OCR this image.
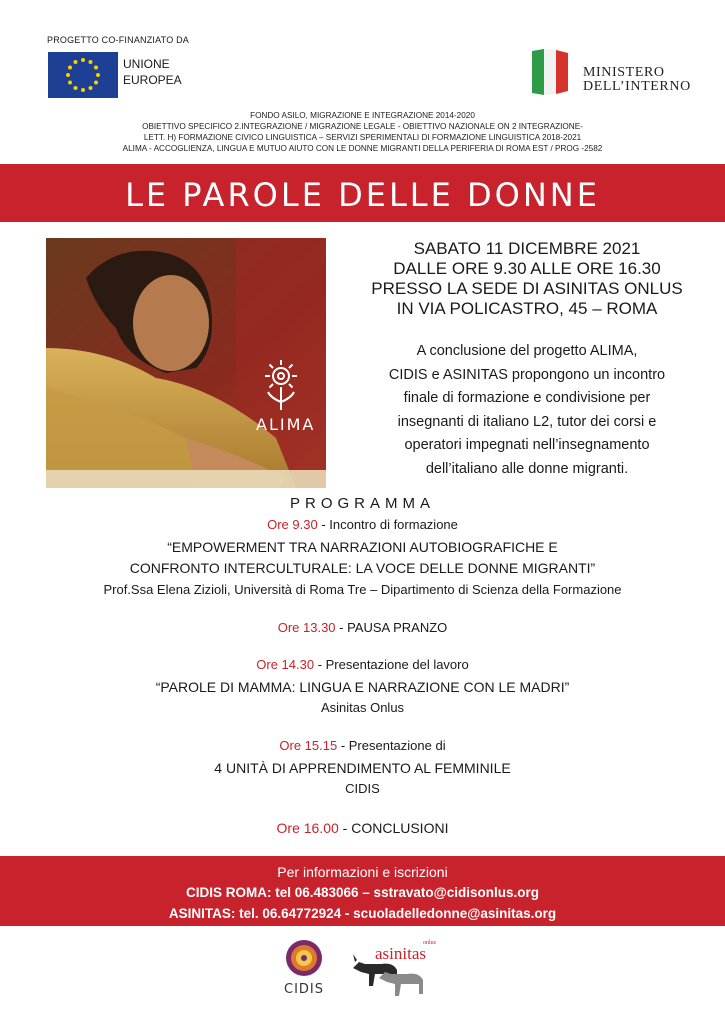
PROGETTO CO-FINANZIATO DA
UNIONE
EUROPEA	MINISTERO
DELL’INTERNO
FONDO ASILO, MIGRAZIONE E INTEGRAZIONE 2014-2020
OBIETTIVO SPECIFICO 2.INTEGRAZIONE / MIGRAZIONE LEGALE - OBIETTIVO NAZIONALE ON 2 INTEGRAZIONE-
LETT. H) FORMAZIONE CIVICO LINGUISTICA – SERVIZI SPERIMENTALI DI FORMAZIONE LINGUISTICA 2018-2021
ALIMA - ACCOGLIENZA, LINGUA E MUTUO AIUTO CON LE DONNE MIGRANTI DELLA PERIFERIA DI ROMA EST / PROG -2582
LE PAROLE DELLE DONNE
ALIMA
SABATO 11 DICEMBRE 2021
DALLE ORE 9.30 ALLE ORE 16.30
PRESSO LA SEDE DI ASINITAS ONLUS
IN VIA POLICASTRO, 45 – ROMA
A conclusione del progetto ALIMA,
CIDIS e ASINITAS propongono un incontro
finale di formazione e condivisione per
insegnanti di italiano L2, tutor dei corsi e
operatori impegnati nell’insegnamento
dell’italiano alle donne migranti.
PROGRAMMA
Ore 9.30 - Incontro di formazione
“EMPOWERMENT TRA NARRAZIONI AUTOBIOGRAFICHE E
CONFRONTO INTERCULTURALE: LA VOCE DELLE DONNE MIGRANTI”
Prof.Ssa Elena Zizioli, Università di Roma Tre – Dipartimento di Scienza della Formazione
Ore 13.30 - PAUSA PRANZO
Ore 14.30 - Presentazione del lavoro
“PAROLE DI MAMMA: LINGUA E NARRAZIONE CON LE MADRI”
Asinitas Onlus
Ore 15.15 - Presentazione di
4 UNITÀ DI APPRENDIMENTO AL FEMMINILE
CIDIS
Ore 16.00 - CONCLUSIONI
Per informazioni e iscrizioni
CIDIS ROMA: tel 06.483066 – sstravato@cidisonlus.org
ASINITAS: tel. 06.64772924 - scuoladelledonne@asinitas.org
CIDIS
onlus
asinitas
